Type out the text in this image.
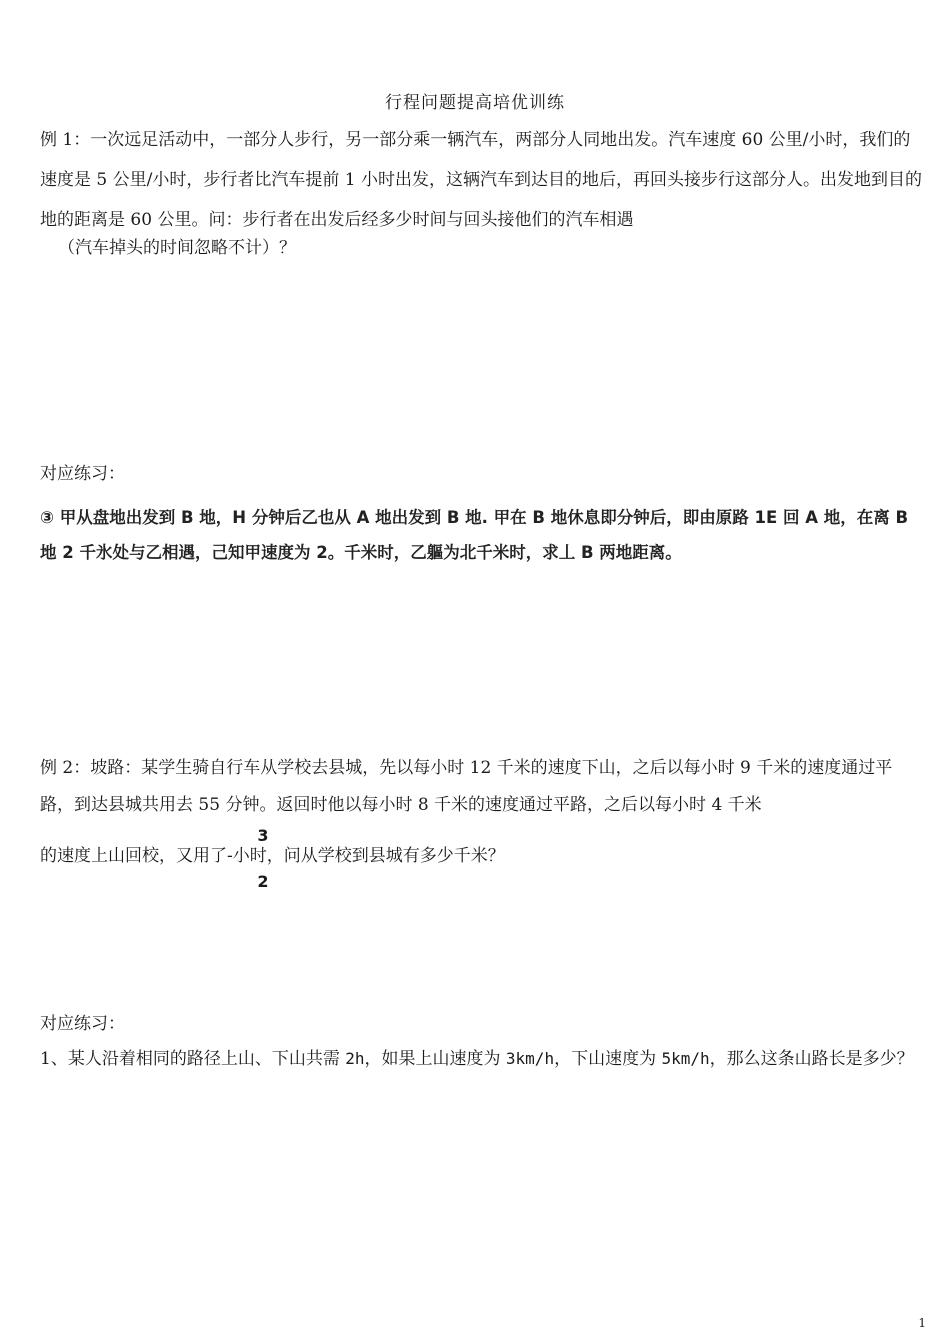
行程问题提高培优训练
例 1：一次远足活动中，一部分人步行，另一部分乘一辆汽车，两部分人同地出发。汽车速度 60 公里/小时，我们的速度是 5 公里/小时，步行者比汽车提前 1 小时出发，这辆汽车到达目的地后，再回头接步行这部分人。出发地到目的地的距离是 60 公里。问：步行者在出发后经多少时间与回头接他们的汽车相遇
（汽车掉头的时间忽略不计）？
对应练习：
③ 甲从盘地出发到 B 地，H 分钟后乙也从 A 地出发到 B 地. 甲在 B 地休息即分钟后，即由原路 1E 回 A 地，在离 B 地 2 千氷处与乙相遇，己知甲速度为 2。千米时，乙軀为北千米时，求丄 B 两地距离。
例 2：坡路：某学生骑自行车从学校去县城，先以每小时 12 千米的速度下山，之后以每小时 9 千米的速度通过平路，到达县城共用去 55 分钟。返回时他以每小时 8 千米的速度通过平路，之后以每小时 4 千米
的速度上山回校，又用了-小时，问从学校到县城有多少千米？
3
2
对应练习：
1、某人沿着相同的路径上山、下山共需 2h，如果上山速度为 3km/h，下山速度为 5km/h，那么这条山路长是多少？
1
